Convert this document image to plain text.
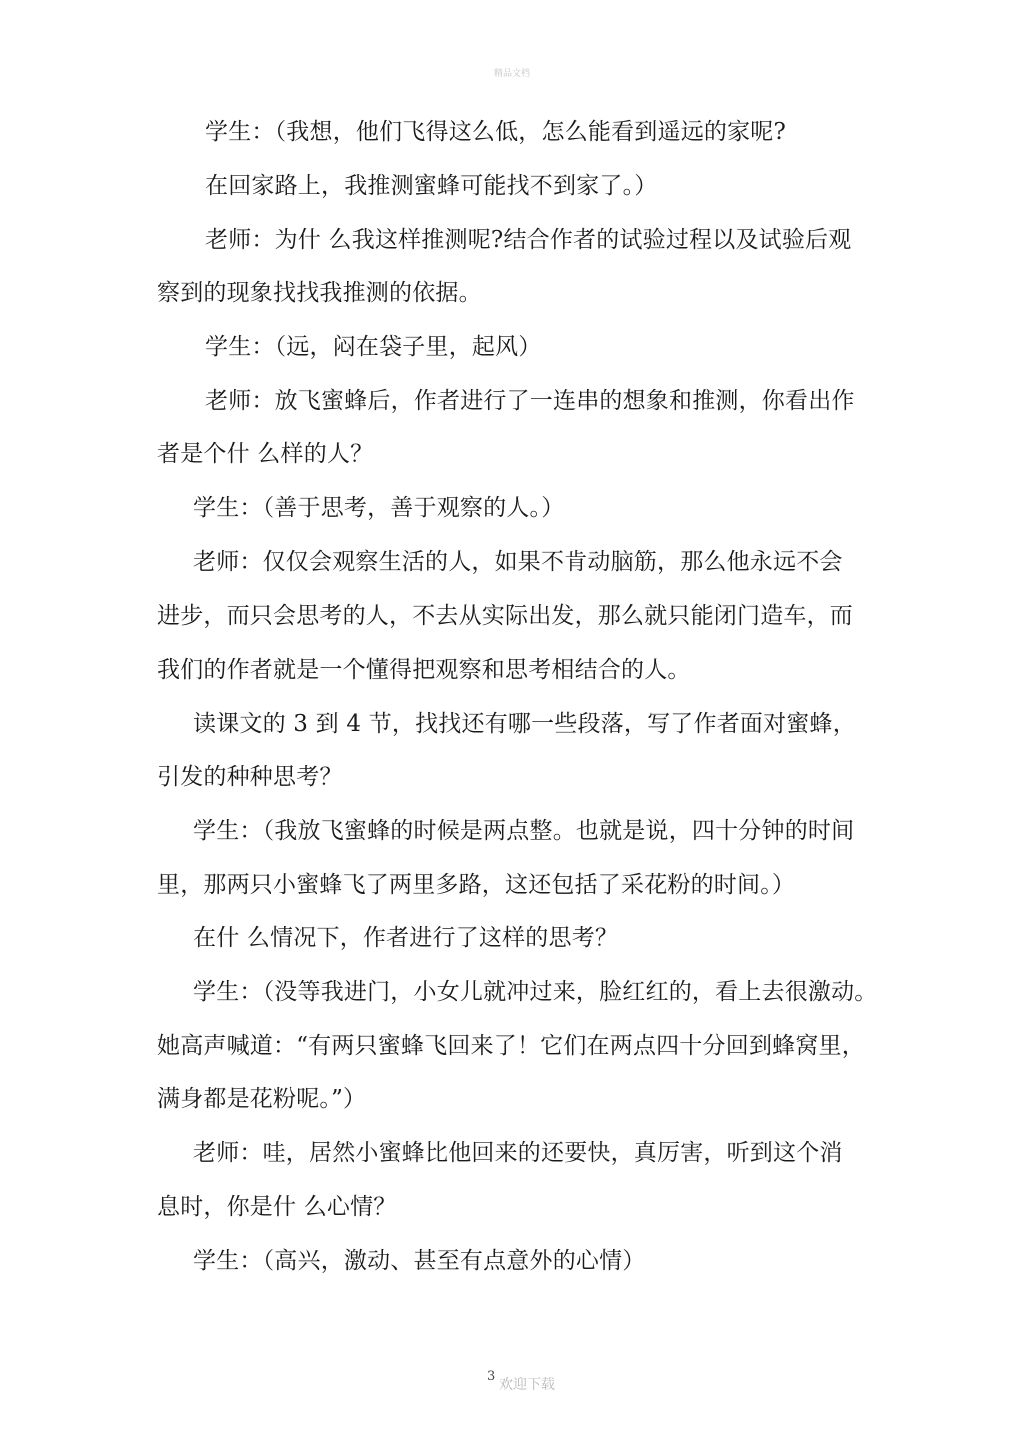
精品文档
学生：（我想，他们飞得这么低，怎么能看到遥远的家呢?
在回家路上，我推测蜜蜂可能找不到家了。）
老师：为什 么我这样推测呢?结合作者的试验过程以及试验后观
察到的现象找找我推测的依据。
学生：（远，闷在袋子里，起风）
老师：放飞蜜蜂后，作者进行了一连串的想象和推测，你看出作
者是个什 么样的人？
学生：（善于思考，善于观察的人。）
老师：仅仅会观察生活的人，如果不肯动脑筋，那么他永远不会
进步，而只会思考的人，不去从实际出发，那么就只能闭门造车，而
我们的作者就是一个懂得把观察和思考相结合的人。
读课文的 3 到 4 节，找找还有哪一些段落，写了作者面对蜜蜂，
引发的种种思考？
学生：（我放飞蜜蜂的时候是两点整。也就是说，四十分钟的时间
里，那两只小蜜蜂飞了两里多路，这还包括了采花粉的时间。）
在什 么情况下，作者进行了这样的思考？
学生：（没等我进门，小女儿就冲过来，脸红红的，看上去很激动。
她高声喊道：“有两只蜜蜂飞回来了！它们在两点四十分回到蜂窝里，
满身都是花粉呢。”）
老师：哇，居然小蜜蜂比他回来的还要快，真厉害，听到这个消
息时，你是什 么心情？
学生：（高兴，激动、甚至有点意外的心情）
3
欢迎下载
